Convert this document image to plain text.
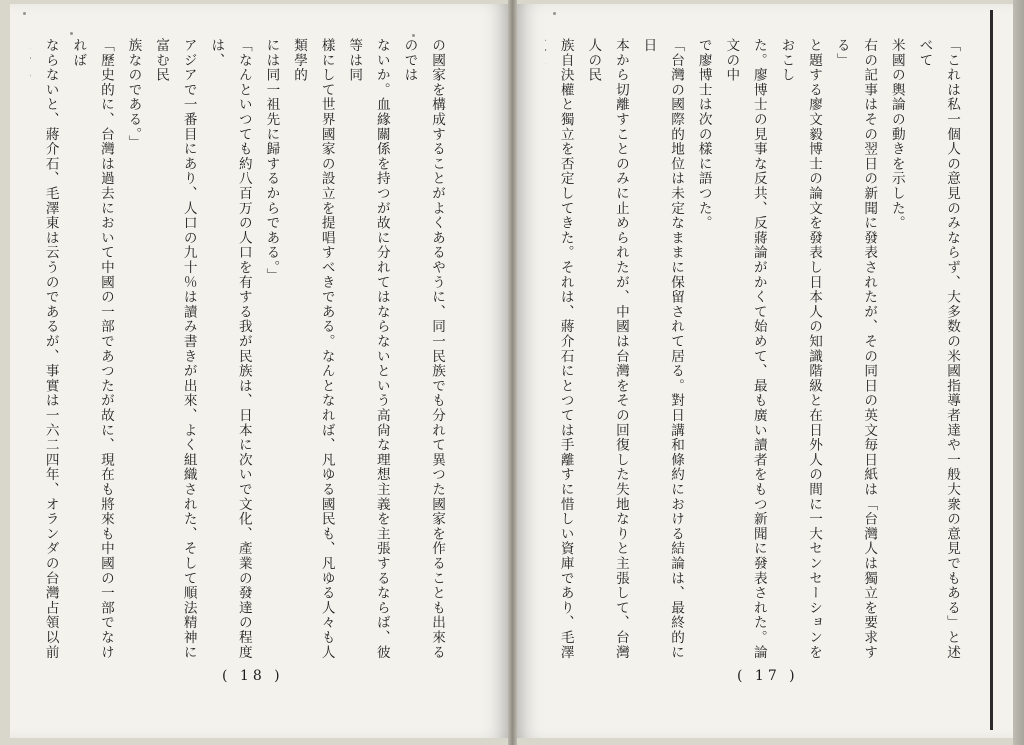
の國家を構成することがよくあるやうに、同一民族でも分れて異つた國家を作ることも出來るのでは

ないか。血緣關係を持つが故に分れてはならないという高尙な理想主義を主張するならば、彼等は同

樣にして世界國家の設立を提唱すべきである。なんとなれば、凡ゆる國民も、凡ゆる人々も人類學的

には同一祖先に歸するからである。」

「なんといつても約八百万の人口を有する我が民族は、日本に次いで文化、產業の發達の程度は、

アジアで一番目にあり、人口の九十％は讀み書きが出來、よく組織された、そして順法精神に富む民

族なのである。」

「歷史的に、台灣は過去において中國の一部であつたが故に、現在も將來も中國の一部でなければ

ならないと、蔣介石、毛澤東は云うのであるが、事實は一六二四年、オランダの台灣占領以前

( 18 )

「これは私一個人の意見のみならず、大多数の米國指導者達や一般大衆の意見でもある」と述べて

米國の輿論の動きを示した。

右の記事はその翌日の新聞に發表されたが、その同日の英文毎日紙は「台灣人は獨立を要求する」

と題する廖文毅博士の論文を發表し日本人の知識階級と在日外人の間に一大センセーションをおこし

た。廖博士の見事な反共、反蔣論がかくて始めて、最も廣い讀者をもつ新聞に發表された。論文の中

で廖博士は次の樣に語つた。

「台灣の國際的地位は未定なままに保留されて居る。對日講和條約における結論は、最終的に日

本から切離すことのみに止められたが、中國は台灣をその回復した失地なりと主張して、台灣人の民

族自決權と獨立を否定してきた。それは、蔣介石にとつては手離すに惜しい資庫であり、毛澤

( 17 )
